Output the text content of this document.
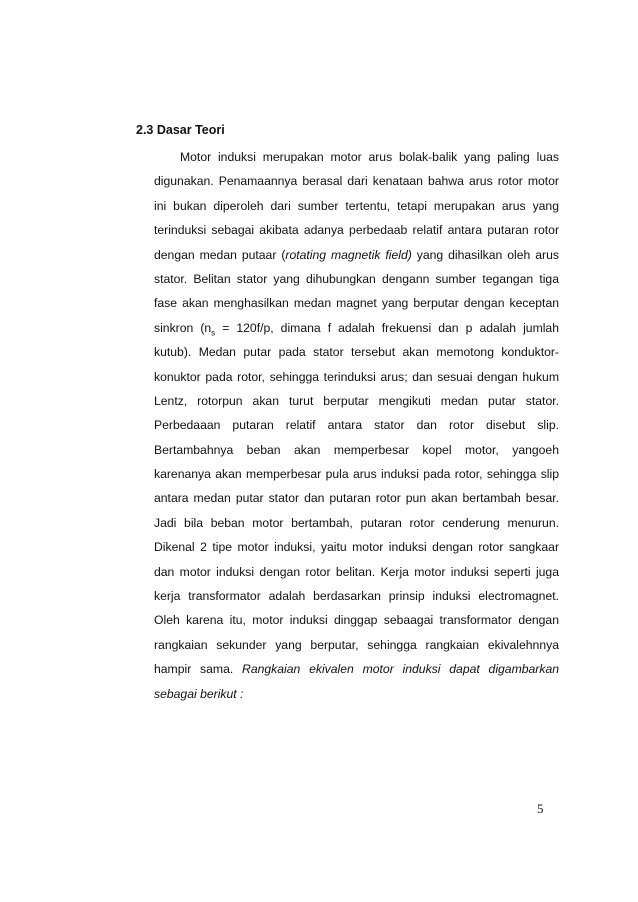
2.3 Dasar Teori
Motor induksi merupakan motor arus bolak-balik yang paling luas
digunakan. Penamaannya berasal dari kenataan bahwa arus rotor motor
ini bukan diperoleh dari sumber tertentu, tetapi merupakan arus yang
terinduksi sebagai akibata adanya perbedaab relatif antara putaran rotor
dengan medan putaar (rotating magnetik field) yang dihasilkan oleh arus
stator. Belitan stator yang dihubungkan dengann sumber tegangan tiga
fase akan menghasilkan medan magnet yang berputar dengan keceptan
sinkron ($n_s = 120f/p$, dimana f adalah frekuensi dan p adalah jumlah
kutub). Medan putar pada stator tersebut akan memotong konduktor-
konuktor pada rotor, sehingga terinduksi arus; dan sesuai dengan hukum
Lentz, rotorpun akan turut berputar mengikuti medan putar stator.
Perbedaaan putaran relatif antara stator dan rotor disebut slip.
Bertambahnya beban akan memperbesar kopel motor, yangoeh
karenanya akan memperbesar pula arus induksi pada rotor, sehingga slip
antara medan putar stator dan putaran rotor pun akan bertambah besar.
Jadi bila beban motor bertambah, putaran rotor cenderung menurun.
Dikenal 2 tipe motor induksi, yaitu motor induksi dengan rotor sangkaar
dan motor induksi dengan rotor belitan. Kerja motor induksi seperti juga
kerja transformator adalah berdasarkan prinsip induksi electromagnet.
Oleh karena itu, motor induksi dinggap sebaagai transformator dengan
rangkaian sekunder yang berputar, sehingga rangkaian ekivalehnnya
hampir sama. Rangkaian ekivalen motor induksi dapat digambarkan
sebagai berikut :
5
